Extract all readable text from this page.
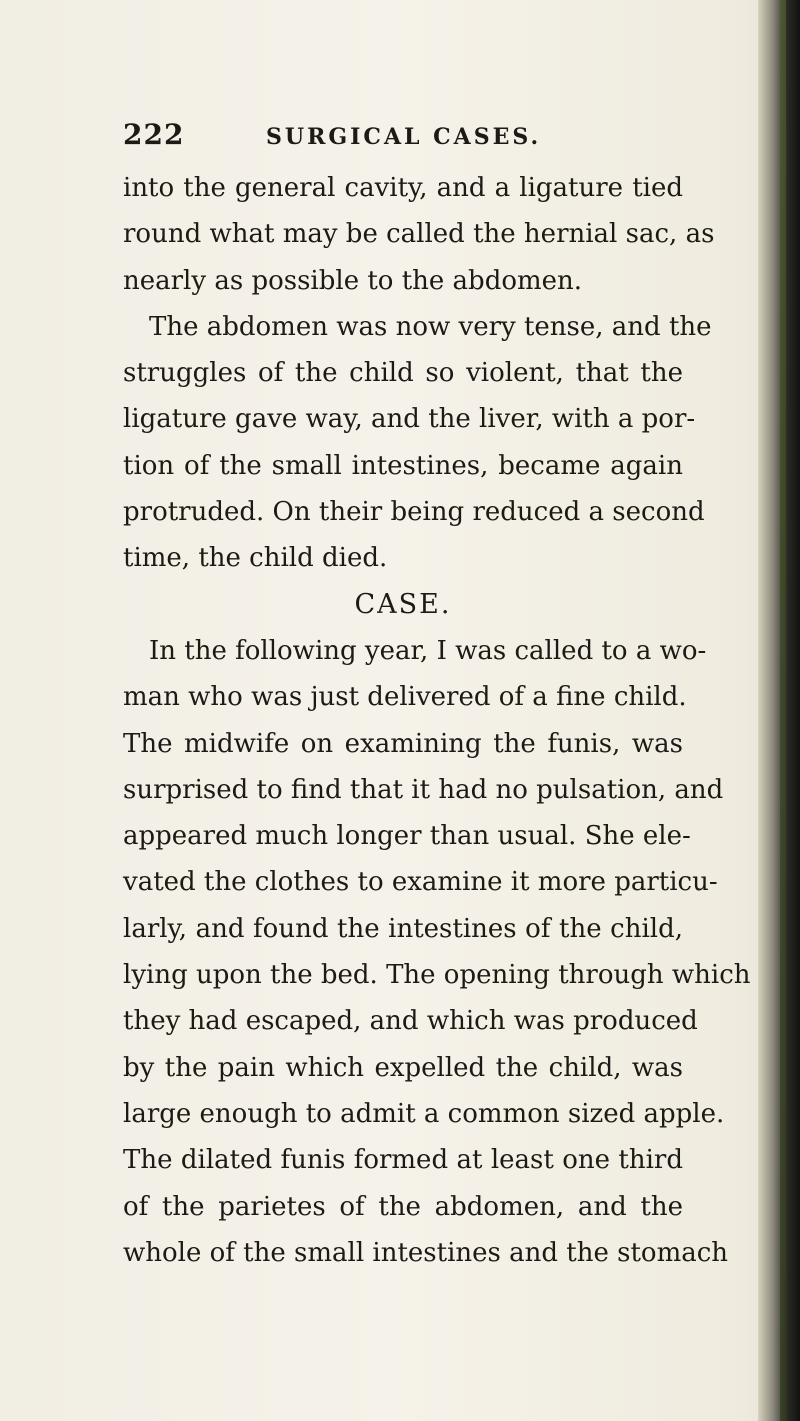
222	SURGICAL CASES.
into the general cavity, and a ligature tied
round what may be called the hernial sac, as
nearly as possible to the abdomen.
The abdomen was now very tense, and the
struggles of the child so violent, that the
ligature gave way, and the liver, with a por-
tion of the small intestines, became again
protruded. On their being reduced a second
time, the child died.
CASE.
In the following year, I was called to a wo-
man who was just delivered of a fine child.
The midwife on examining the funis, was
surprised to find that it had no pulsation, and
appeared much longer than usual. She ele-
vated the clothes to examine it more particu-
larly, and found the intestines of the child,
lying upon the bed. The opening through which
they had escaped, and which was produced
by the pain which expelled the child, was
large enough to admit a common sized apple.
The dilated funis formed at least one third
of the parietes of the abdomen, and the
whole of the small intestines and the stomach
